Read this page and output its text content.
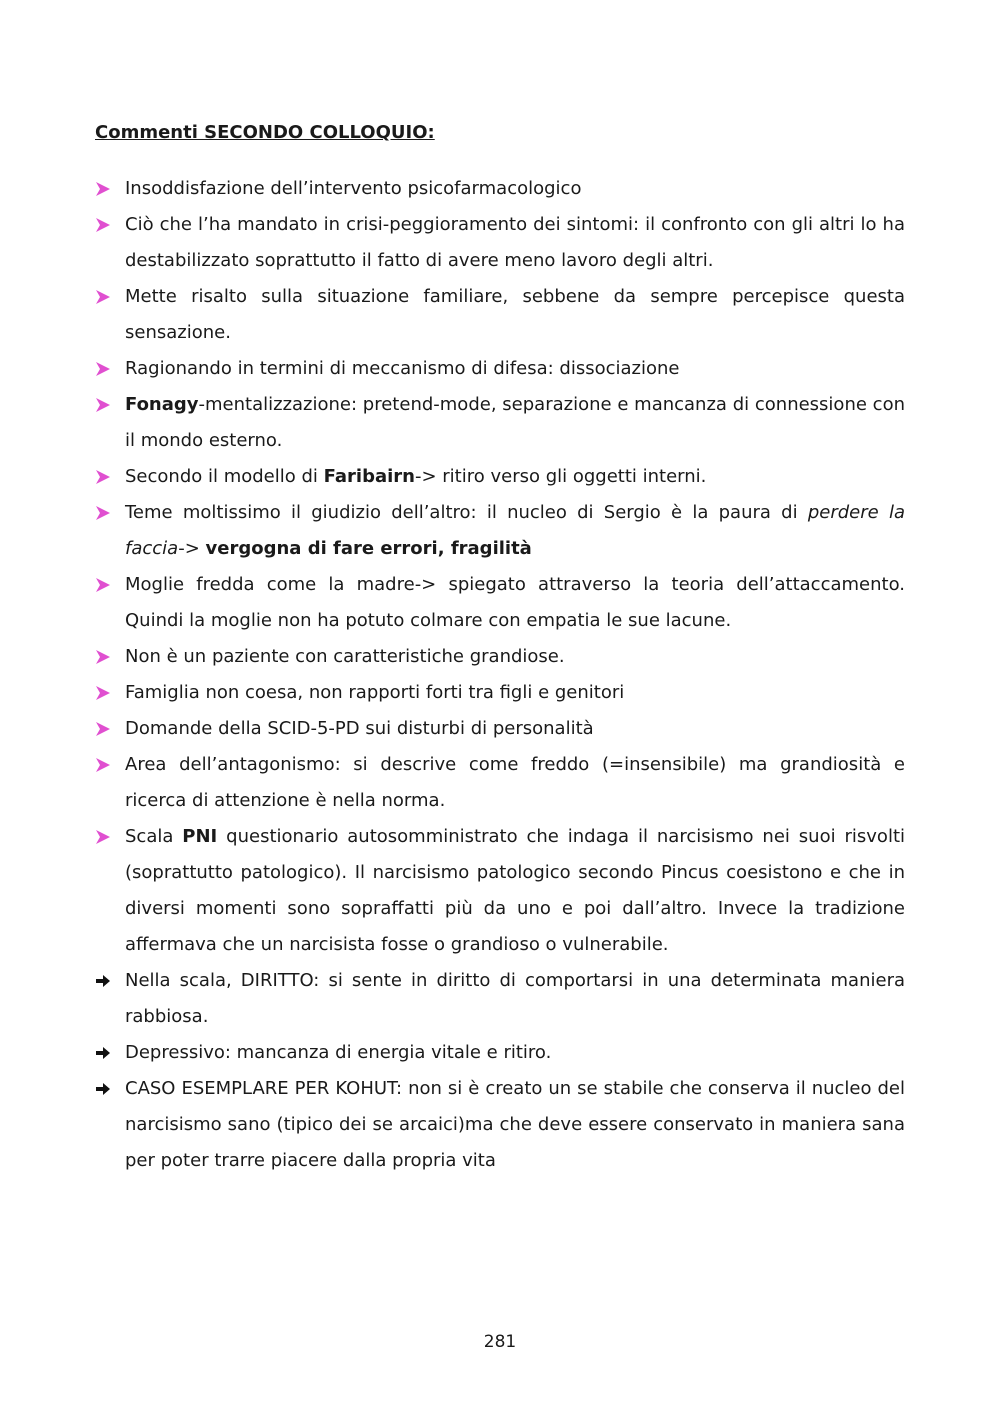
Commenti SECONDO COLLOQUIO:
Insoddisfazione dell’intervento psicofarmacologico
Ciò che l’ha mandato in crisi-peggioramento dei sintomi: il confronto con gli altri lo ha destabilizzato soprattutto il fatto di avere meno lavoro degli altri.
Mette risalto sulla situazione familiare, sebbene da sempre percepisce questa sensazione.
Ragionando in termini di meccanismo di difesa: dissociazione
Fonagy-mentalizzazione: pretend-mode, separazione e mancanza di connessione con il mondo esterno.
Secondo il modello di Faribairn-> ritiro verso gli oggetti interni.
Teme moltissimo il giudizio dell’altro: il nucleo di Sergio è la paura di perdere la faccia-> vergogna di fare errori, fragilità
Moglie fredda come la madre-> spiegato attraverso la teoria dell’attaccamento. Quindi la moglie non ha potuto colmare con empatia le sue lacune.
Non è un paziente con caratteristiche grandiose.
Famiglia non coesa, non rapporti forti tra figli e genitori
Domande della SCID-5-PD sui disturbi di personalità
Area dell’antagonismo: si descrive come freddo (=insensibile) ma grandiosità e ricerca di attenzione è nella norma.
Scala PNI questionario autosomministrato che indaga il narcisismo nei suoi risvolti (soprattutto patologico). Il narcisismo patologico secondo Pincus coesistono e che in diversi momenti sono sopraffatti più da uno e poi dall’altro. Invece la tradizione affermava che un narcisista fosse o grandioso o vulnerabile.
Nella scala, DIRITTO: si sente in diritto di comportarsi in una determinata maniera rabbiosa.
Depressivo: mancanza di energia vitale e ritiro.
CASO ESEMPLARE PER KOHUT: non si è creato un se stabile che conserva il nucleo del narcisismo sano (tipico dei se arcaici)ma che deve essere conservato in maniera sana per poter trarre piacere dalla propria vita
281
